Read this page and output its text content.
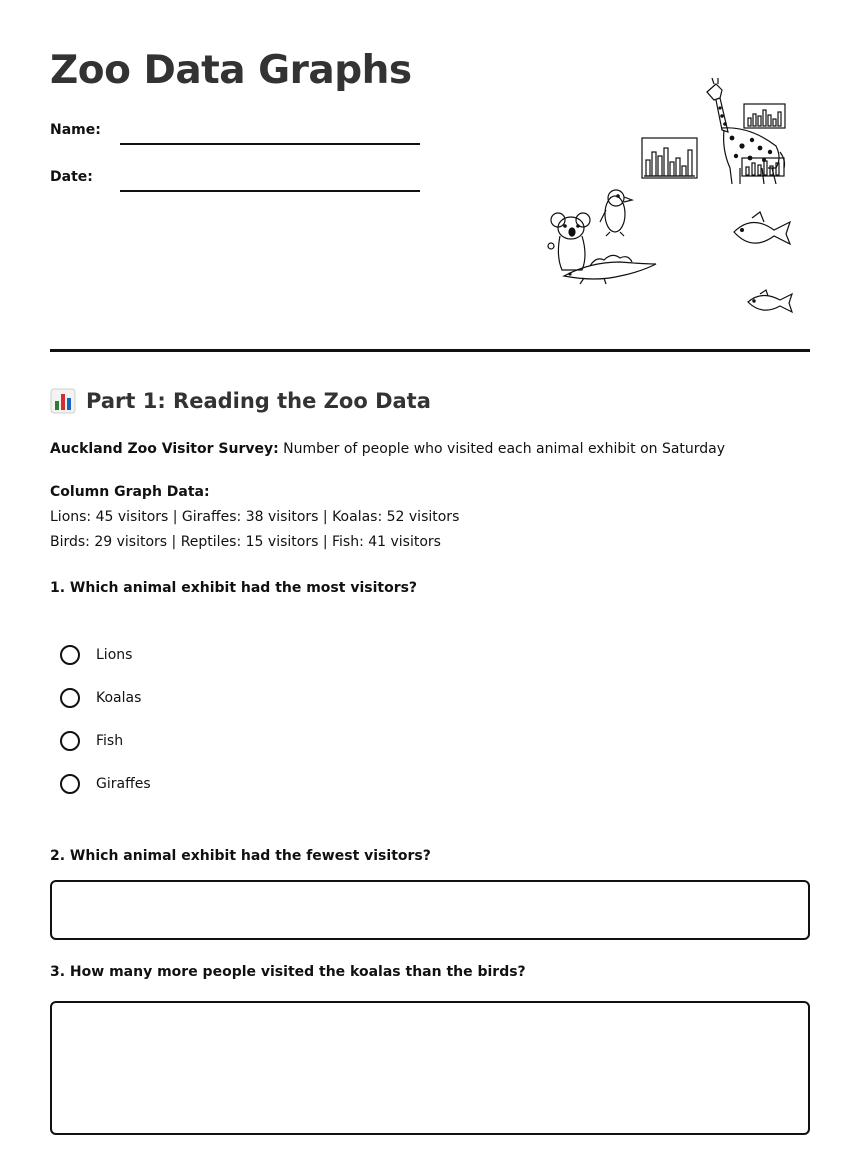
Zoo Data Graphs
Name:
Date:
Part 1: Reading the Zoo Data
Auckland Zoo Visitor Survey: Number of people who visited each animal exhibit on Saturday
Column Graph Data:
Lions: 45 visitors | Giraffes: 38 visitors | Koalas: 52 visitors
Birds: 29 visitors | Reptiles: 15 visitors | Fish: 41 visitors
1. Which animal exhibit had the most visitors?
Lions
Koalas
Fish
Giraffes
2. Which animal exhibit had the fewest visitors?
3. How many more people visited the koalas than the birds?
